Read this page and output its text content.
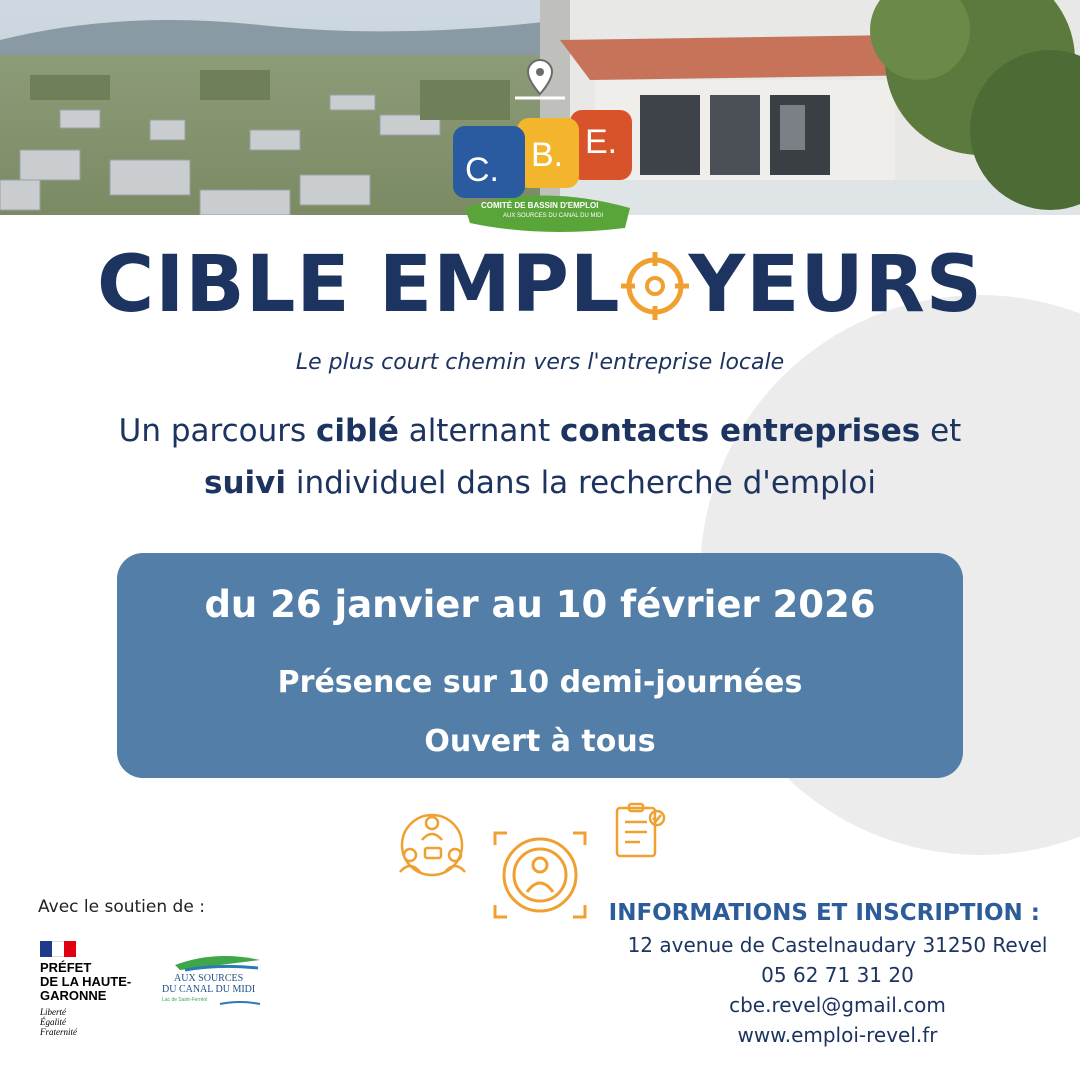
C. B. E.
COMITÉ DE BASSIN D'EMPLOI
AUX SOURCES DU CANAL DU MIDI
CIBLE EMPL YEURS
Le plus court chemin vers l'entreprise locale
Un parcours ciblé alternant contacts entreprises et
suivi individuel dans la recherche d'emploi
du 26 janvier au 10 février 2026
Présence sur 10 demi-journées
Ouvert à tous
Avec le soutien de :
PRÉFET
DE LA HAUTE-
GARONNE
Liberté
Égalité
Fraternité
AUX SOURCES
DU CANAL DU MIDI
Lac de Saint-Ferréol
INFORMATIONS ET INSCRIPTION :
12 avenue de Castelnaudary 31250 Revel
05 62 71 31 20
cbe.revel@gmail.com
www.emploi-revel.fr
